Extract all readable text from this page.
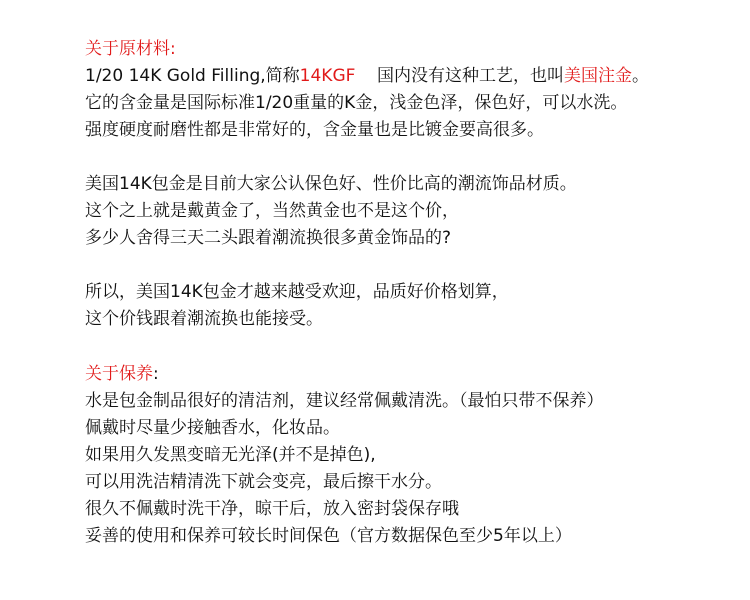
关于原材料:
1/20 14K Gold Filling,简称14KGF    国内没有这种工艺，也叫美国注金。
它的含金量是国际标准1/20重量的K金，浅金色泽，保色好，可以水洗。
强度硬度耐磨性都是非常好的，含金量也是比镀金要高很多。
美国14K包金是目前大家公认保色好、性价比高的潮流饰品材质。
这个之上就是戴黄金了，当然黄金也不是这个价，
多少人舍得三天二头跟着潮流换很多黄金饰品的?
所以，美国14K包金才越来越受欢迎，品质好价格划算，
这个价钱跟着潮流换也能接受。
关于保养:
水是包金制品很好的清洁剂，建议经常佩戴清洗。（最怕只带不保养）
佩戴时尽量少接触香水，化妆品。
如果用久发黑变暗无光泽(并不是掉色),
可以用洗洁精清洗下就会变亮，最后擦干水分。
很久不佩戴时洗干净，晾干后，放入密封袋保存哦
妥善的使用和保养可较长时间保色（官方数据保色至少5年以上）
